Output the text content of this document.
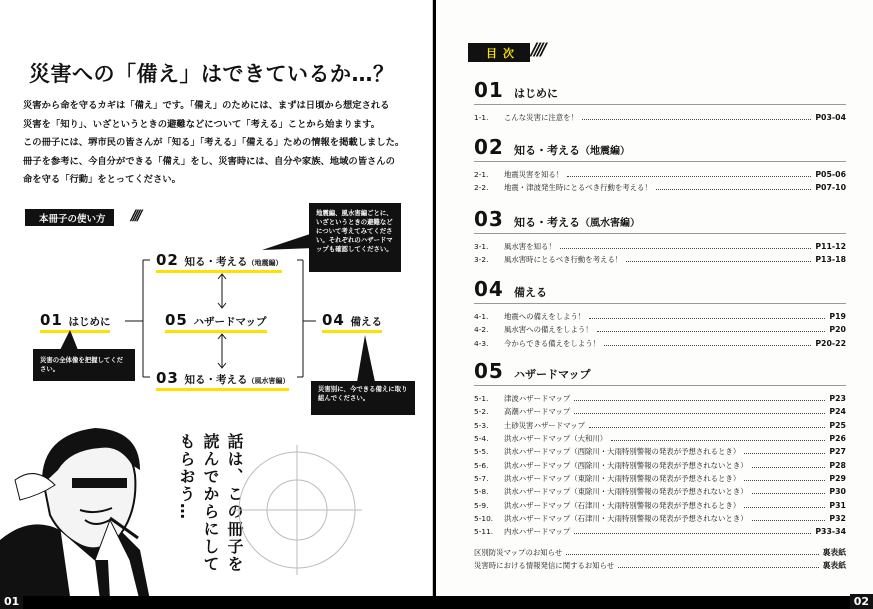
災害への「備え」はできているか…？

災害から命を守るカギは「備え」です。「備え」のためには、まずは日頃から想定される

災害を「知り」、いざというときの避難などについて「考える」ことから始まります。

この冊子には、堺市民の皆さんが「知る」「考える」「備える」ための情報を掲載しました。

冊子を参考に、今自分ができる「備え」をし、災害時には、自分や家族、地域の皆さんの

命を守る「行動」をとってください。

本冊子の使い方	////	地震編、風水害編ごとに、いざというときの避難などについて考えてみてください。それぞれのハザードマップも確認してください。
02 知る・考える（地震編）
01 はじめに	05 ハザードマップ	04 備える
03 知る・考える（風水害編）
災害の全体像を把握してください。
災害別に、今できる備えに取り組んでください。
話は、この冊子を
読んでからにして
もらおう…
目次 ////
01 はじめに
1-1.	こんな災害に注意を！	P03-04
02 知る・考える （地震編）
2-1.	地震災害を知る！	P05-06
2-2.	地震・津波発生時にとるべき行動を考える！	P07-10
03 知る・考える （風水害編）
3-1.	風水害を知る！	P11-12
3-2.	風水害時にとるべき行動を考える！	P13-18
04 備える
4-1.	地震への備えをしよう！	P19
4-2.	風水害への備えをしよう！	P20
4-3.	今からできる備えをしよう！	P20-22
05 ハザードマップ
5-1.	津波ハザードマップ	P23
5-2.	高潮ハザードマップ	P24
5-3.	土砂災害ハザードマップ	P25
5-4.	洪水ハザードマップ（大和川）	P26
5-5.	洪水ハザードマップ（西除川・大雨特別警報の発表が予想されるとき）	P27
5-6.	洪水ハザードマップ（西除川・大雨特別警報の発表が予想されないとき）	P28
5-7.	洪水ハザードマップ（東除川・大雨特別警報の発表が予想されるとき）	P29
5-8.	洪水ハザードマップ（東除川・大雨特別警報の発表が予想されないとき）	P30
5-9.	洪水ハザードマップ（石津川・大雨特別警報の発表が予想されるとき）	P31
5-10.	洪水ハザードマップ（石津川・大雨特別警報の発表が予想されないとき）	P32
5-11.	内水ハザードマップ	P33-34
区別防災マップのお知らせ	裏表紙
災害時における情報発信に関するお知らせ	裏表紙
01	02
